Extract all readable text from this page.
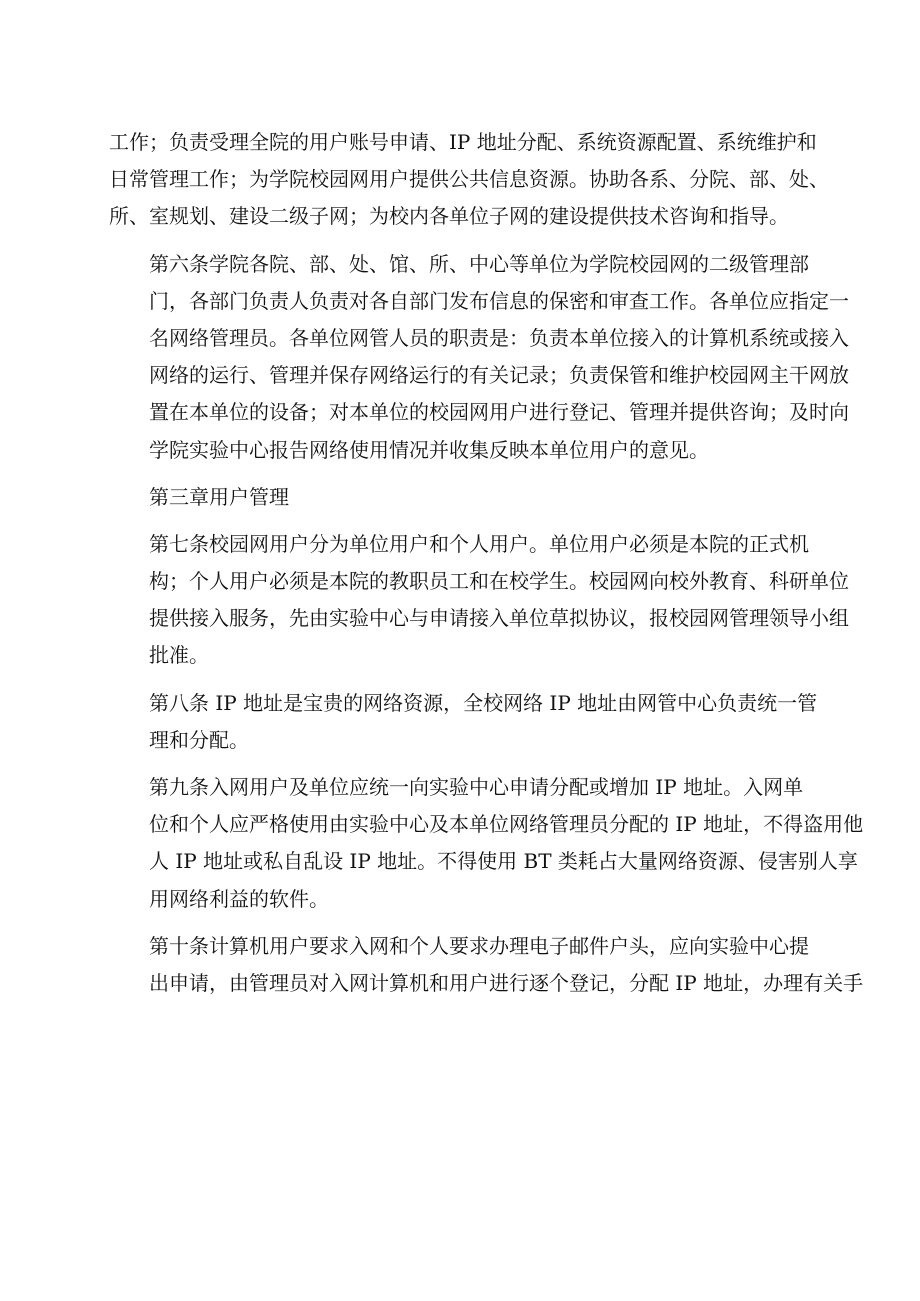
工作；负责受理全院的用户账号申请、IP 地址分配、系统资源配置、系统维护和
日常管理工作；为学院校园网用户提供公共信息资源。协助各系、分院、部、处、
所、室规划、建设二级子网；为校内各单位子网的建设提供技术咨询和指导。

第六条学院各院、部、处、馆、所、中心等单位为学院校园网的二级管理部
门，各部门负责人负责对各自部门发布信息的保密和审查工作。各单位应指定一
名网络管理员。各单位网管人员的职责是：负责本单位接入的计算机系统或接入
网络的运行、管理并保存网络运行的有关记录；负责保管和维护校园网主干网放
置在本单位的设备；对本单位的校园网用户进行登记、管理并提供咨询；及时向
学院实验中心报告网络使用情况并收集反映本单位用户的意见。

第三章用户管理

第七条校园网用户分为单位用户和个人用户。单位用户必须是本院的正式机
构；个人用户必须是本院的教职员工和在校学生。校园网向校外教育、科研单位
提供接入服务，先由实验中心与申请接入单位草拟协议，报校园网管理领导小组
批准。

第八条 IP 地址是宝贵的网络资源，全校网络 IP 地址由网管中心负责统一管
理和分配。

第九条入网用户及单位应统一向实验中心申请分配或增加 IP 地址。入网单
位和个人应严格使用由实验中心及本单位网络管理员分配的 IP 地址，不得盗用他
人 IP 地址或私自乱设 IP 地址。不得使用 BT 类耗占大量网络资源、侵害别人享
用网络利益的软件。

第十条计算机用户要求入网和个人要求办理电子邮件户头，应向实验中心提
出申请，由管理员对入网计算机和用户进行逐个登记，分配 IP 地址，办理有关手
